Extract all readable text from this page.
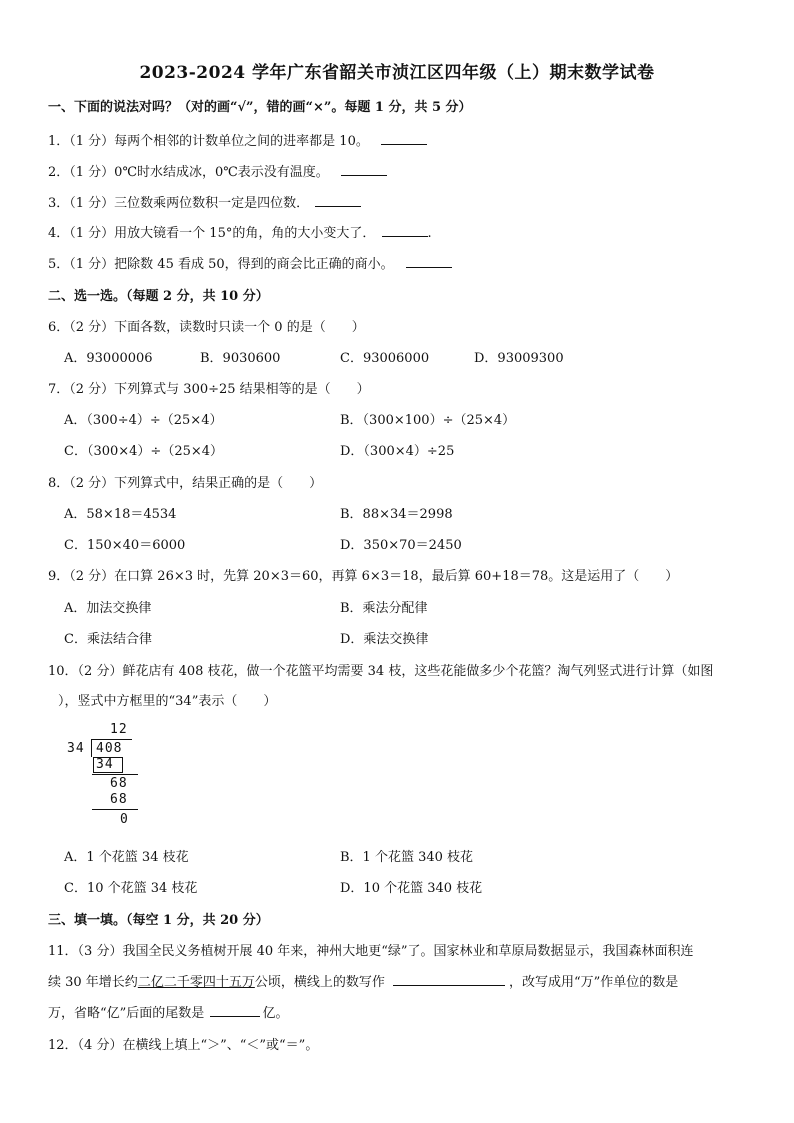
2023-2024 学年广东省韶关市浈江区四年级（上）期末数学试卷
一、下面的说法对吗？（对的画“√”，错的画“×”。每题 1 分，共 5 分）
1．（1 分）每两个相邻的计数单位之间的进率都是 10。
2．（1 分）0℃时水结成冰，0℃表示没有温度。
3．（1 分）三位数乘两位数积一定是四位数．
4．（1 分）用放大镜看一个 15°的角，角的大小变大了．	.
5．（1 分）把除数 45 看成 50，得到的商会比正确的商小。
二、选一选。（每题 2 分，共 10 分）
6．（2 分）下面各数，读数时只读一个 0 的是（　　）
A．93000006	B．9030600	C．93006000	D．93009300
7．（2 分）下列算式与 300÷25 结果相等的是（　　）
A．（300÷4）÷（25×4）	B．（300×100）÷（25×4）
C．（300×4）÷（25×4）	D．（300×4）÷25
8．（2 分）下列算式中，结果正确的是（　　）
A．58×18＝4534	B．88×34＝2998
C．150×40＝6000	D．350×70＝2450
9．（2 分）在口算 26×3 时，先算 20×3＝60，再算 6×3＝18，最后算 60+18＝78。这是运用了（　　）
A．加法交换律	B．乘法分配律
C．乘法结合律	D．乘法交换律
10．（2 分）鲜花店有 408 枝花，做一个花篮平均需要 34 枝，这些花能做多少个花篮？淘气列竖式进行计算（如图
），竖式中方框里的“34”表示（　　）
12
34 408
34
68
68
0
A．1 个花篮 34 枝花	B．1 个花篮 340 枝花
C．10 个花篮 34 枝花	D．10 个花篮 340 枝花
三、填一填。（每空 1 分，共 20 分）
11．（3 分）我国全民义务植树开展 40 年来，神州大地更“绿”了。国家林业和草原局数据显示，我国森林面积连
续 30 年增长约二亿二千零四十五万公顷，横线上的数写作	，改写成用“万”作单位的数是
万，省略“亿”后面的尾数是	亿。
12．（4 分）在横线上填上“＞”、“＜”或“＝”。
